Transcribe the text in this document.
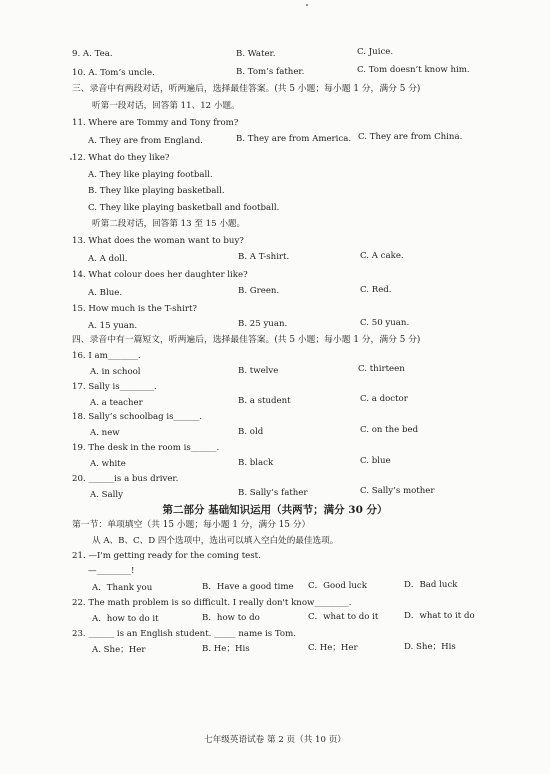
9. A. Tea.	B. Water.	C. Juice.
10. A. Tom’s uncle.	B. Tom’s father.	C. Tom doesn’t know him.
三、录音中有两段对话，听两遍后，选择最佳答案。(共 5 小题；每小题 1 分，满分 5 分)
听第一段对话，回答第 11、12 小题。
11. Where are Tommy and Tony from?
A. They are from England.	B. They are from America. C. They are from China.
12. What do they like?
A. They like playing football.
B. They like playing basketball.
C. They like playing basketball and football.
听第二段对话，回答第 13 至 15 小题。
13. What does the woman want to buy?
A. A doll.	B. A T-shirt.	C. A cake.
14. What colour does her daughter like?
A. Blue.	B. Green.	C. Red.
15. How much is the T-shirt?
A. 15 yuan.	B. 25 yuan.	C. 50 yuan.
四、录音中有一篇短文，听两遍后，选择最佳答案。(共 5 小题；每小题 1 分，满分 5 分)
16. I am_______.
A. in school	B. twelve	C. thirteen
17. Sally is________.
A. a teacher	B. a student	C. a doctor
18. Sally’s schoolbag is______.
A. new	B. old	C. on the bed
19. The desk in the room is______.
A. white	B. black	C. blue
20. ______is a bus driver.
A. Sally	B. Sally’s father	C. Sally’s mother
第二部分 基础知识运用（共两节；满分 30 分）
第一节：单项填空（共 15 小题；每小题 1 分，满分 15 分）
从 A、B、C、D 四个选项中，选出可以填入空白处的最佳选项。
21. —I'm getting ready for the coming test.
—________!
A．Thank you	B．Have a good time C．Good luck	D．Bad luck
22. The math problem is so difficult. I really don't know________.
A．how to do it	B．how to do	C．what to do it	D．what to it do
23. ______ is an English student. _____ name is Tom.
A. She；Her	B. He；His	C. He；Her	D. She；His
七年级英语试卷 第 2 页（共 10 页）
